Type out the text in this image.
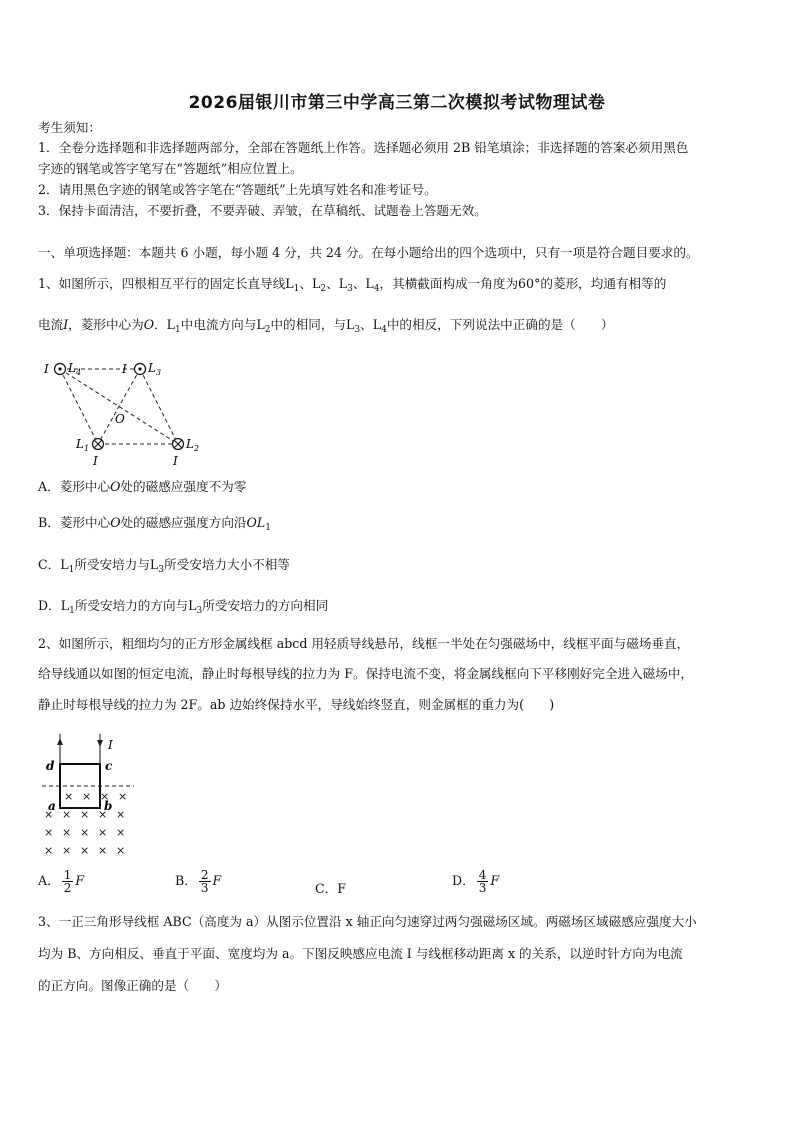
2026届银川市第三中学高三第二次模拟考试物理试卷
考生须知：
1．全卷分选择题和非选择题两部分，全部在答题纸上作答。选择题必须用 2B 铅笔填涂；非选择题的答案必须用黑色
字迹的钢笔或答字笔写在“答题纸”相应位置上。
2．请用黑色字迹的钢笔或答字笔在“答题纸”上先填写姓名和准考证号。
3．保持卡面清洁，不要折叠，不要弄破、弄皱，在草稿纸、试题卷上答题无效。
一、单项选择题：本题共 6 小题，每小题 4 分，共 24 分。在每小题给出的四个选项中，只有一项是符合题目要求的。
1、如图所示，四根相互平行的固定长直导线$L_1$、$L_2$、$L_3$、$L_4$，其横截面构成一角度为60°的菱形，均通有相等的
电流I，菱形中心为O．$L_1$中电流方向与$L_2$中的相同，与$L_3$、$L_4$中的相反，下列说法中正确的是（　　）
I $L_4$	I $L_3$
O
$L_1$	$L_2$
I	I
A．菱形中心O处的磁感应强度不为零
B．菱形中心O处的磁感应强度方向沿$OL_1$
C．$L_1$所受安培力与$L_3$所受安培力大小不相等
D．$L_1$所受安培力的方向与$L_3$所受安培力的方向相同
2、如图所示，粗细均匀的正方形金属线框 abcd 用轻质导线悬吊，线框一半处在匀强磁场中，线框平面与磁场垂直，
给导线通以如图的恒定电流，静止时每根导线的拉力为 F。保持电流不变，将金属线框向下平移刚好完全进入磁场中，
静止时每根导线的拉力为 2F。ab 边始终保持水平，导线始终竖直，则金属框的重力为(　　)
I
d	c
a	b
× × × ×
× × × × ×
× × × × ×
× × × × ×
A． $\frac{1}{2}$ F	B． $\frac{2}{3}$ F
C．F
D． $\frac{4}{3}$ F
3、一正三角形导线框 ABC（高度为 a）从图示位置沿 x 轴正向匀速穿过两匀强磁场区域。两磁场区域磁感应强度大小
均为 B、方向相反、垂直于平面、宽度均为 a。下图反映感应电流 I 与线框移动距离 x 的关系，以逆时针方向为电流
的正方向。图像正确的是（　　）
